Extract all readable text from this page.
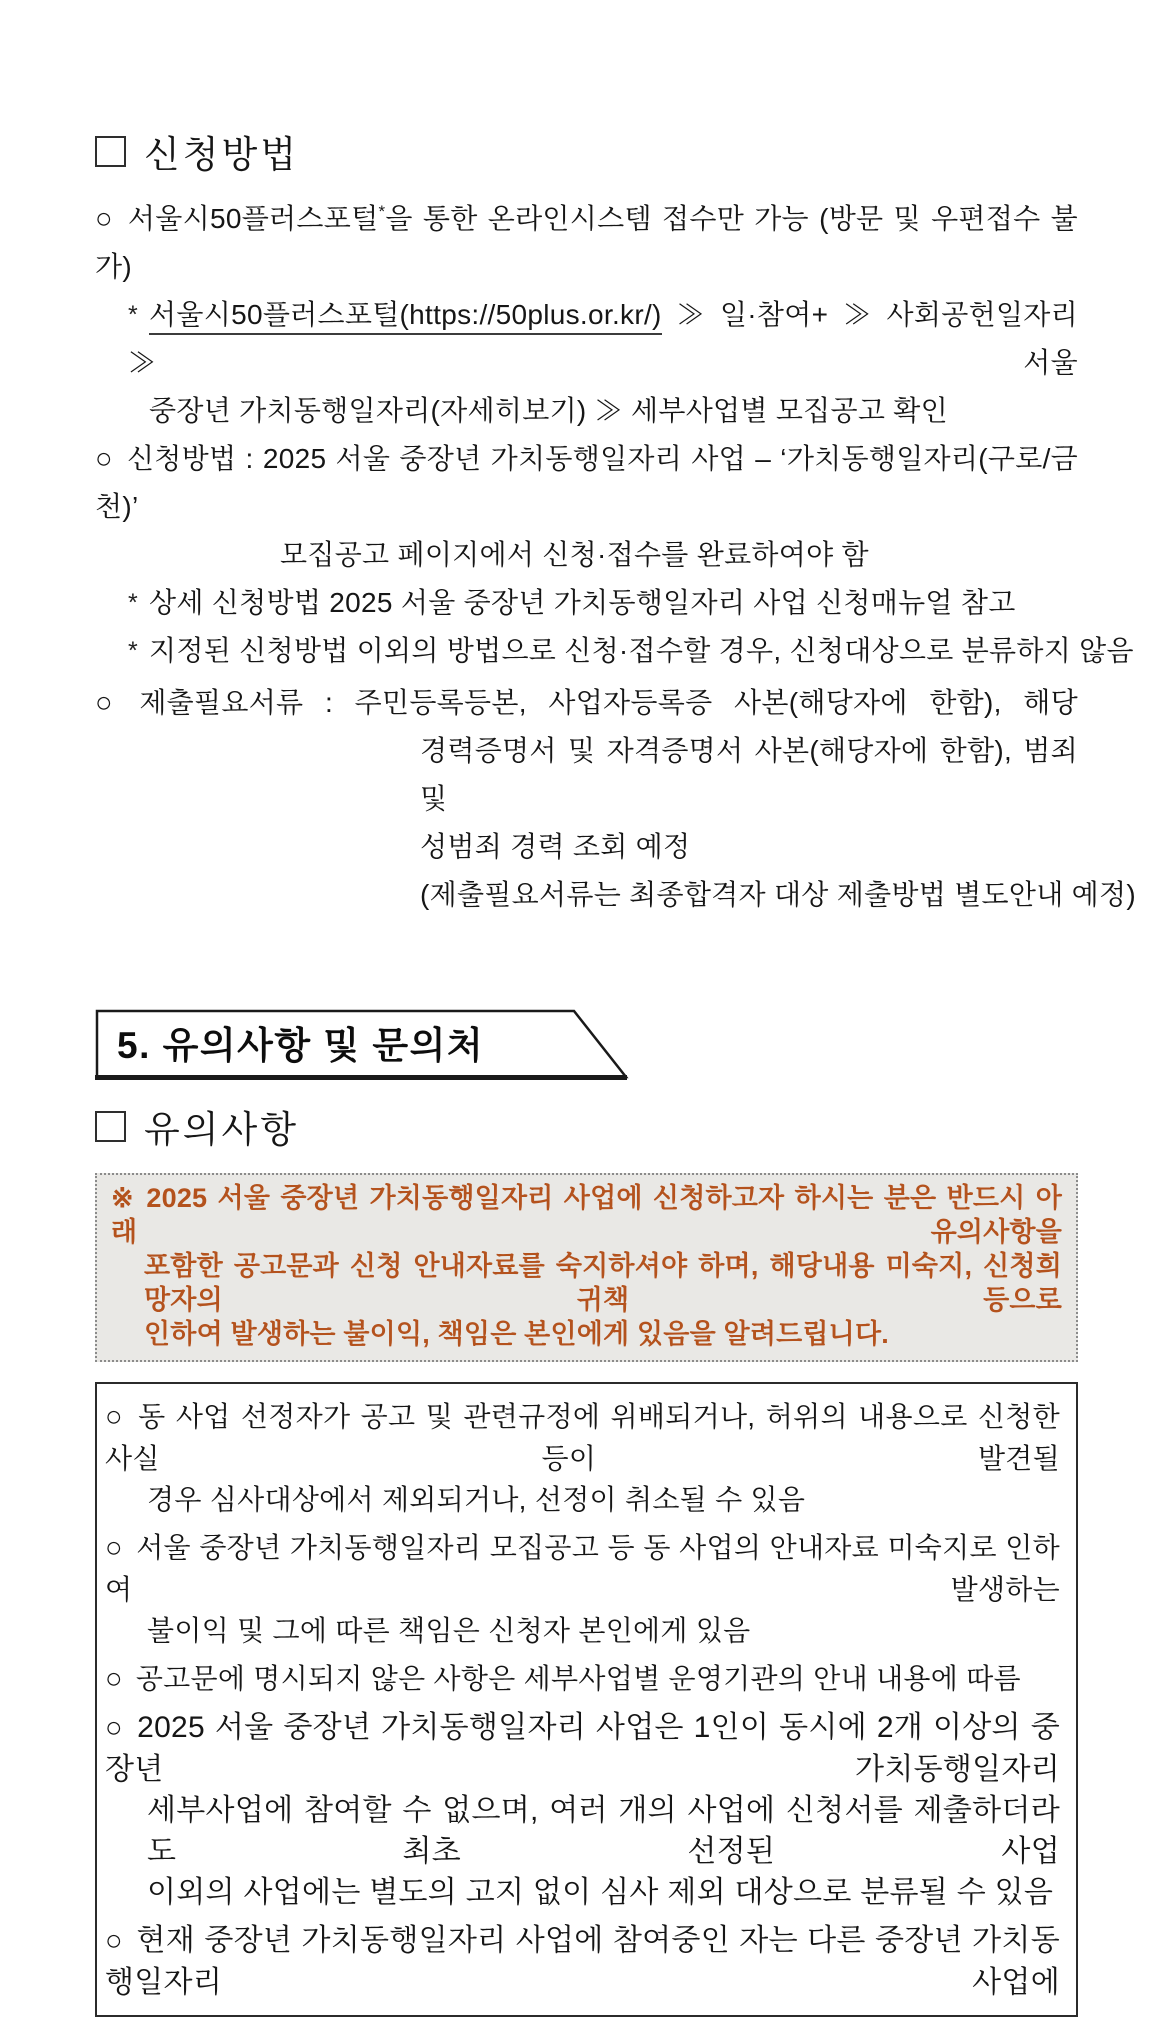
신청방법
○ 서울시50플러스포털*을 통한 온라인시스템 접수만 가능 (방문 및 우편접수 불가)
* 서울시50플러스포털(https://50plus.or.kr/) ≫ 일·참여+ ≫ 사회공헌일자리 ≫ 서울
중장년 가치동행일자리(자세히보기) ≫ 세부사업별 모집공고 확인
○ 신청방법 : 2025 서울 중장년 가치동행일자리 사업 – ‘가치동행일자리(구로/금천)’
모집공고 페이지에서 신청·접수를 완료하여야 함
* 상세 신청방법 2025 서울 중장년 가치동행일자리 사업 신청매뉴얼 참고
* 지정된 신청방법 이외의 방법으로 신청·접수할 경우, 신청대상으로 분류하지 않음
○ 제출필요서류 : 주민등록등본, 사업자등록증 사본(해당자에 한함), 해당
경력증명서 및 자격증명서 사본(해당자에 한함), 범죄 및
성범죄 경력 조회 예정
(제출필요서류는 최종합격자 대상 제출방법 별도안내 예정)
5. 유의사항 및 문의처
유의사항
※ 2025 서울 중장년 가치동행일자리 사업에 신청하고자 하시는 분은 반드시 아래 유의사항을
포함한 공고문과 신청 안내자료를 숙지하셔야 하며, 해당내용 미숙지, 신청희망자의 귀책 등으로
인하여 발생하는 불이익, 책임은 본인에게 있음을 알려드립니다.
○ 동 사업 선정자가 공고 및 관련규정에 위배되거나, 허위의 내용으로 신청한 사실 등이 발견될
경우 심사대상에서 제외되거나, 선정이 취소될 수 있음
○ 서울 중장년 가치동행일자리 모집공고 등 동 사업의 안내자료 미숙지로 인하여 발생하는
불이익 및 그에 따른 책임은 신청자 본인에게 있음
○ 공고문에 명시되지 않은 사항은 세부사업별 운영기관의 안내 내용에 따름
○ 2025 서울 중장년 가치동행일자리 사업은 1인이 동시에 2개 이상의 중장년 가치동행일자리
세부사업에 참여할 수 없으며, 여러 개의 사업에 신청서를 제출하더라도 최초 선정된 사업
이외의 사업에는 별도의 고지 없이 심사 제외 대상으로 분류될 수 있음
○ 현재 중장년 가치동행일자리 사업에 참여중인 자는 다른 중장년 가치동행일자리 사업에
